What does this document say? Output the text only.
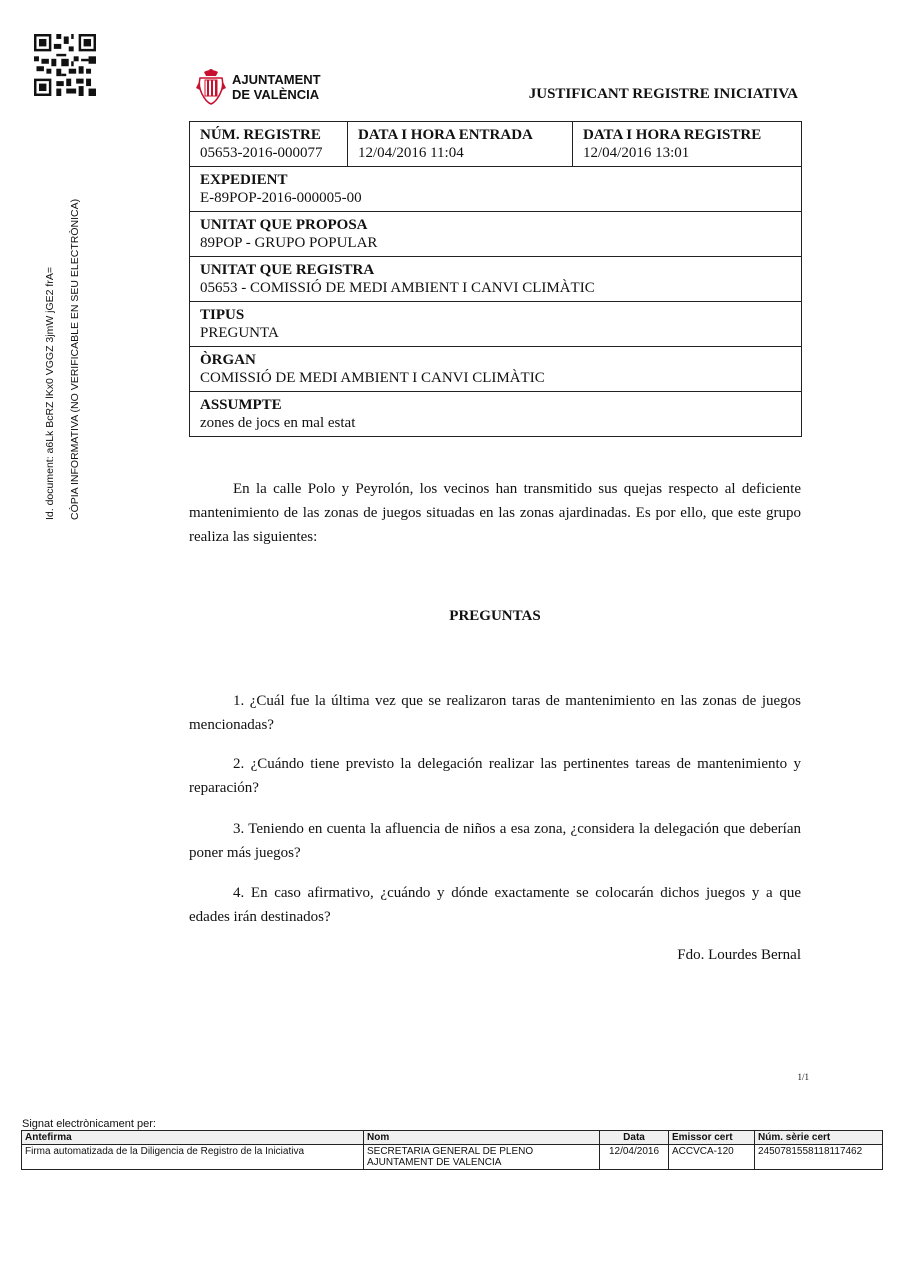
AJUNTAMENT
DE VALÈNCIA	JUSTIFICANT REGISTRE INICIATIVA
Id. document: a6Lk BcRZ lKx0 VGGZ 3jmW jGE2 frA=	CÒPIA INFORMATIVA (NO VERIFICABLE EN SEU ELECTRÒNICA)
NÚM. REGISTRE
05653-2016-000077	
DATA I HORA ENTRADA
12/04/2016 11:04	
DATA I HORA REGISTRE
12/04/2016 13:01

EXPEDIENT
E-89POP-2016-000005-00

UNITAT QUE PROPOSA
89POP - GRUPO POPULAR

UNITAT QUE REGISTRA
05653 - COMISSIÓ DE MEDI AMBIENT I CANVI CLIMÀTIC

TIPUS
PREGUNTA

ÒRGAN
COMISSIÓ DE MEDI AMBIENT I CANVI CLIMÀTIC

ASSUMPTE
zones de jocs en mal estat

En la calle Polo y Peyrolón, los vecinos han transmitido sus quejas respecto al deficiente mantenimiento de las zonas de juegos situadas en las zonas ajardinadas. Es por ello, que este grupo realiza las siguientes:

PREGUNTAS

1. ¿Cuál fue la última vez que se realizaron taras de mantenimiento en las zonas de juegos mencionadas?

2. ¿Cuándo tiene previsto la delegación realizar las pertinentes tareas de mantenimiento y reparación?

3. Teniendo en cuenta la afluencia de niños a esa zona, ¿considera la delegación que deberían poner más juegos?

4. En caso afirmativo, ¿cuándo y dónde exactamente se colocarán dichos juegos y a que edades irán destinados?

Fdo. Lourdes Bernal
1/1
Signat electrònicament per:
Antefirma	Nom	Data	Emissor cert	Núm. sèrie cert
Firma automatizada de la Diligencia de Registro de la Iniciativa	SECRETARIA GENERAL DE PLENO
AJUNTAMENT DE VALENCIA	12/04/2016	ACCVCA-120	2450781558118117462
